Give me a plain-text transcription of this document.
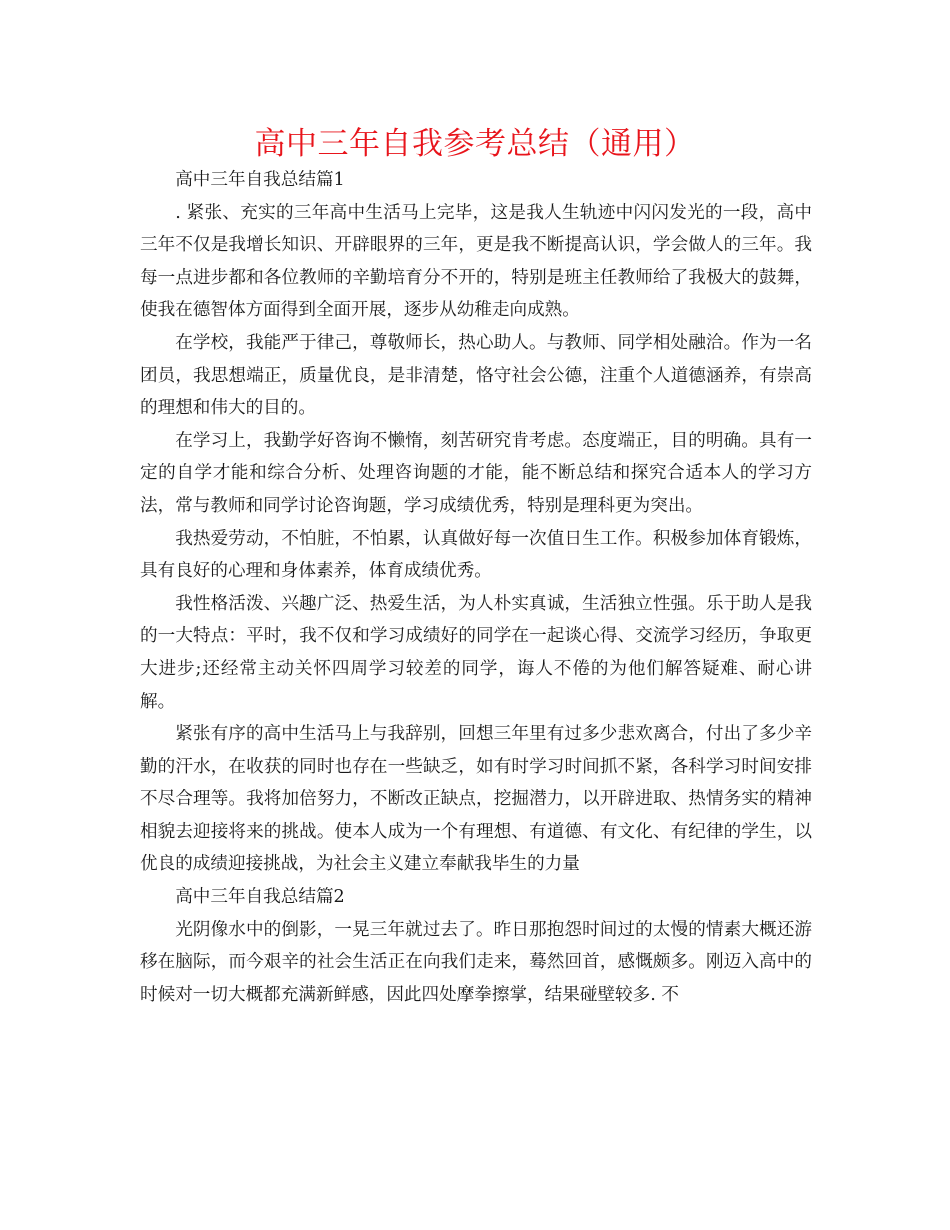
高中三年自我参考总结（通用）

高中三年自我总结篇1

. 紧张、充实的三年高中生活马上完毕，这是我人生轨迹中闪闪发光的一段，高中三年不仅是我增长知识、开辟眼界的三年，更是我不断提高认识，学会做人的三年。我每一点进步都和各位教师的辛勤培育分不开的，特别是班主任教师给了我极大的鼓舞，使我在德智体方面得到全面开展，逐步从幼稚走向成熟。

在学校，我能严于律己，尊敬师长，热心助人。与教师、同学相处融洽。作为一名团员，我思想端正，质量优良，是非清楚，恪守社会公德，注重个人道德涵养，有崇高的理想和伟大的目的。

在学习上，我勤学好咨询不懒惰，刻苦研究肯考虑。态度端正，目的明确。具有一定的自学才能和综合分析、处理咨询题的才能，能不断总结和探究合适本人的学习方法，常与教师和同学讨论咨询题，学习成绩优秀，特别是理科更为突出。

我热爱劳动，不怕脏，不怕累，认真做好每一次值日生工作。积极参加体育锻炼，具有良好的心理和身体素养，体育成绩优秀。

我性格活泼、兴趣广泛、热爱生活，为人朴实真诚，生活独立性强。乐于助人是我的一大特点：平时，我不仅和学习成绩好的同学在一起谈心得、交流学习经历，争取更大进步;还经常主动关怀四周学习较差的同学，诲人不倦的为他们解答疑难、耐心讲解。

紧张有序的高中生活马上与我辞别，回想三年里有过多少悲欢离合，付出了多少辛勤的汗水，在收获的同时也存在一些缺乏，如有时学习时间抓不紧，各科学习时间安排不尽合理等。我将加倍努力，不断改正缺点，挖掘潜力，以开辟进取、热情务实的精神相貌去迎接将来的挑战。使本人成为一个有理想、有道德、有文化、有纪律的学生，以优良的成绩迎接挑战，为社会主义建立奉献我毕生的力量

高中三年自我总结篇2

光阴像水中的倒影，一晃三年就过去了。昨日那抱怨时间过的太慢的情素大概还游移在脑际，而今艰辛的社会生活正在向我们走来，蓦然回首，感慨颇多。刚迈入高中的时候对一切大概都充满新鲜感，因此四处摩拳擦掌，结果碰壁较多. 不
